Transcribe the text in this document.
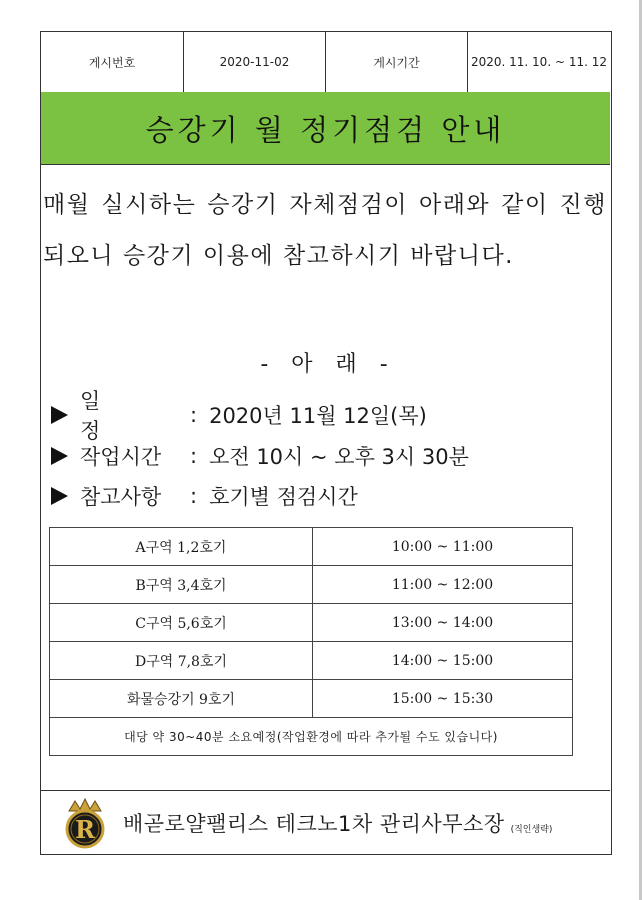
게시번호	2020-11-02	게시기간	2020. 11. 10. ~ 11. 12
승강기 월 정기점검 안내

매월 실시하는 승강기 자체점검이 아래와 같이 진행되오니 승강기 이용에 참고하시기 바랍니다.

- 아 래 -
일 정
: 2020년 11월 12일(목)
작업시간	: 오전 10시 ~ 오후 3시 30분
참고사항	: 호기별 점검시간
A구역 1,2호기	10:00 ~ 11:00
B구역 3,4호기	11:00 ~ 12:00
C구역 5,6호기	13:00 ~ 14:00
D구역 7,8호기	14:00 ~ 15:00
화물승강기 9호기	15:00 ~ 15:30
대당 약 30~40분 소요예정(작업환경에 따라 추가될 수도 있습니다)	
R 배곧로얄팰리스 테크노1차 관리사무소장 (직인생략)
